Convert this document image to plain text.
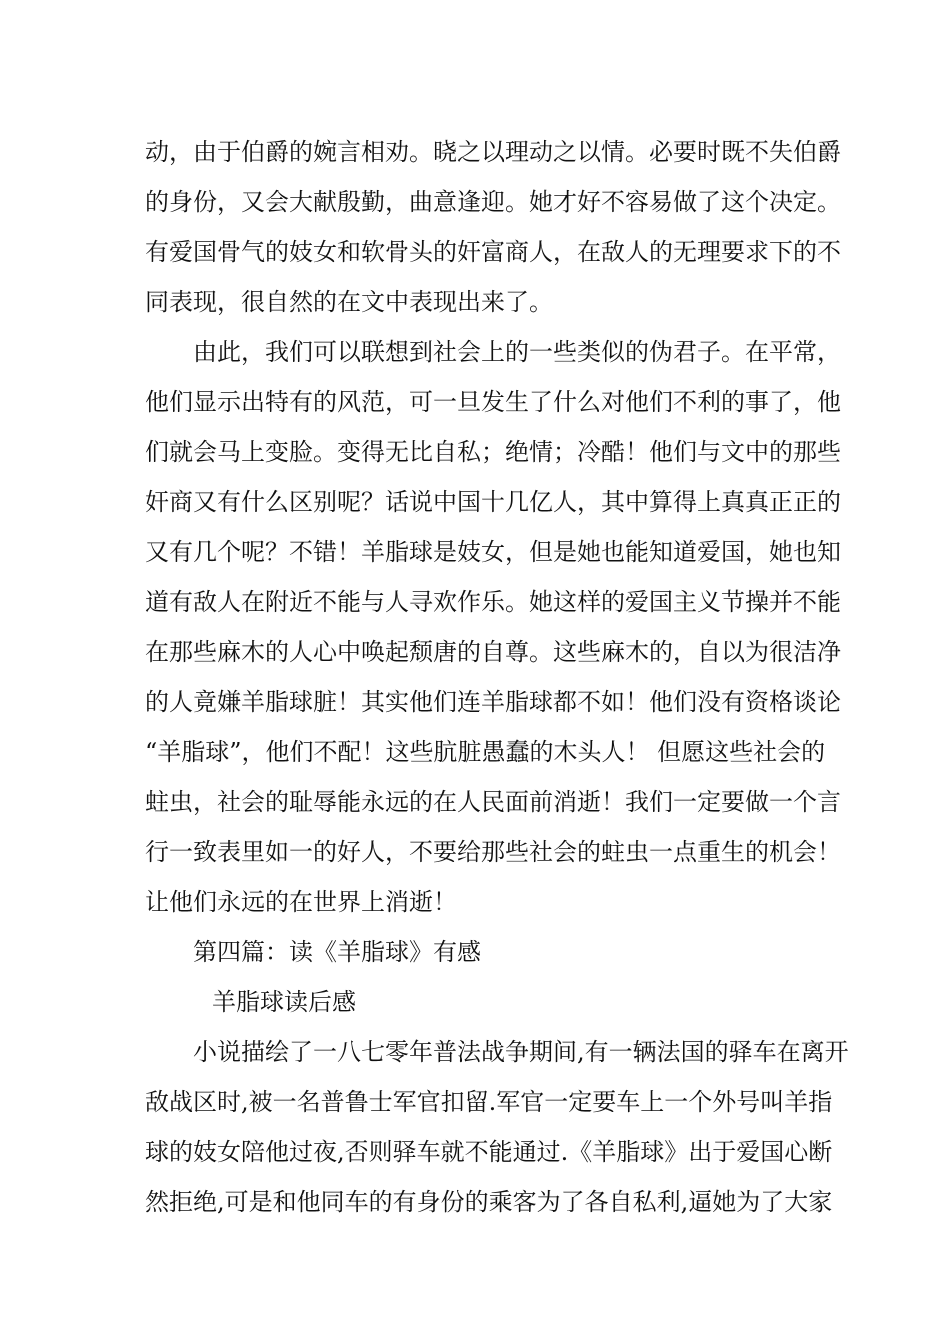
动，由于伯爵的婉言相劝。晓之以理动之以情。必要时既不失伯爵
的身份，又会大献殷勤，曲意逢迎。她才好不容易做了这个决定。
有爱国骨气的妓女和软骨头的奸富商人，在敌人的无理要求下的不
同表现，很自然的在文中表现出来了。
由此，我们可以联想到社会上的一些类似的伪君子。在平常，
他们显示出特有的风范，可一旦发生了什么对他们不利的事了，他
们就会马上变脸。变得无比自私；绝情；冷酷！他们与文中的那些
奸商又有什么区别呢？话说中国十几亿人，其中算得上真真正正的
又有几个呢？不错！羊脂球是妓女，但是她也能知道爱国，她也知
道有敌人在附近不能与人寻欢作乐。她这样的爱国主义节操并不能
在那些麻木的人心中唤起颓唐的自尊。这些麻木的，自以为很洁净
的人竟嫌羊脂球脏！其实他们连羊脂球都不如！他们没有资格谈论
“羊脂球”，他们不配！这些肮脏愚蠢的木头人！ 但愿这些社会的
蛀虫，社会的耻辱能永远的在人民面前消逝！我们一定要做一个言
行一致表里如一的好人，不要给那些社会的蛀虫一点重生的机会！
让他们永远的在世界上消逝！
第四篇：读《羊脂球》有感
羊脂球读后感
小说描绘了一八七零年普法战争期间,有一辆法国的驿车在离开
敌战区时,被一名普鲁士军官扣留.军官一定要车上一个外号叫羊指
球的妓女陪他过夜,否则驿车就不能通过.《羊脂球》出于爱国心断
然拒绝,可是和他同车的有身份的乘客为了各自私利,逼她为了大家
